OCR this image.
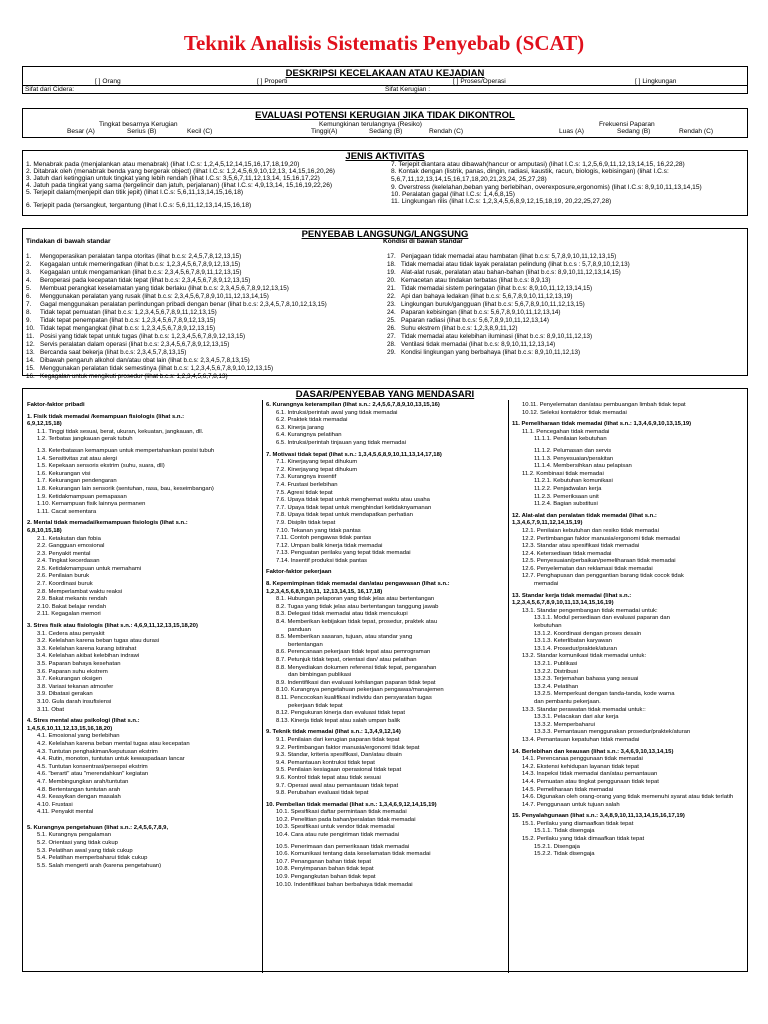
Teknik Analisis Sistematis Penyebab (SCAT)
DESKRIPSI KECELAKAAN ATAU KEJADIAN
[ ] Orang	[ ] Properti	[ ] Proses/Operasi	[ ] Lingkungan
Sifat dari Cidera:	Sifat Kerugian :
EVALUASI POTENSI KERUGIAN JIKA TIDAK DIKONTROL
Tingkat besarnya Kerugian
Besar (A)	Serius (B)	Kecil (C)
Kemungkinan terulangnya (Resiko)
Tinggi(A)	Sedang (B)	Rendah (C)
Frekuensi Paparan
Luas (A)	Sedang (B)	Rendah (C)
JENIS AKTIVITAS
1. Menabrak pada (menjalankan atau menabrak) (lihat I.C.s: 1,2,4,5,12,14,15,16,17,18,19,20)
2. Ditabrak oleh (menabrak benda yang bergerak object) (lihat I.C.s: 1,2,4,5,6,9,10,12,13, 14,15,16,20,26)
3. Jatuh dari ketinggian untuk tingkat yang lebih rendah (lihat I.C.s: 3,5,6,7,11,12,13,14, 15,16,17,22)
4. Jatuh pada tingkat yang sama (tergelincir dan jatuh, perjalanan) (lihat I.C.s: 4,9,13,14, 15,16,19,22,26)
5. Terjepit dalam(menjepit dan titik jepit) (lihat I.C.s: 5,6,11,13,14,15,16,18)
6. Terjepit pada (tersangkut, tergantung (lihat I.C.s: 5,6,11,12,13,14,15,16,18)
7. Terjepit diantara atau dibawah(hancur or amputasi) (lihat I.C.s: 1,2,5,6,9,11,12,13,14,15, 16,22,28)
8. Kontak dengan (listrik, panas, dingin, radiasi, kaustik, racun, biologis, kebisingan) (lihat I.C.s: 5,6,7,11,12,13,14,15,16,17,18,20,21,23,24, 25,27,28)
9. Overstress (kelelahan,beban yang berlebihan, overexposure,ergonomis) (lihat I.C.s: 8,9,10,11,13,14,15)
10. Peralatan gagal (lihat I.C.s: 1,4,6,8,15)
11. Lingkungan rilis (lihat I.C.s: 1,2,3,4,5,6,8,9,12,15,18,19, 20,22,25,27,28)
PENYEBAB LANGSUNG/LANGSUNG
Tindakan di bawah standar	Kondisi di bawah standar
1. Mengoperasikan peralatan tanpa otoritas (lihat b.c.s: 2,4,5,7,8,12,13,15)
2. Kegagalan untuk memeringatkan (lihat b.c.s: 1,2,3,4,5,6,7,8,9,12,13,15)
3. Kegagalan untuk mengamankan (lihat b.c.s: 2,3,4,5,6,7,8,9,11,12,13,15)
4. Beroperasi pada kecepatan tidak tepat (lihat b.c.s: 2,3,4,5,6,7,8,9,12,13,15)
5. Membuat perangkat keselamatan yang tidak berlaku (lihat b.c.s: 2,3,4,5,6,7,8,9,12,13,15)
6. Menggunakan peralatan yang rusak (lihat b.c.s: 2,3,4,5,6,7,8,9,10,11,12,13,14,15)
7. Gagal menggunakan peralatan perlindungan pribadi dengan benar (lihat b.c.s: 2,3,4,5,7,8,10,12,13,15)
8. Tidak tepat pemuatan (lihat b.c.s: 1,2,3,4,5,6,7,8,9,11,12,13,15)
9. Tidak tepat penempatan (lihat b.c.s: 1,2,3,4,5,6,7,8,9,12,13,15)
10. Tidak tepat mengangkat (lihat b.c.s: 1,2,3,4,5,6,7,8,9,12,13,15)
11. Posisi yang tidak tepat untuk tugas (lihat b.c.s: 1,2,3,4,5,6,7,8,9,12,13,15)
12. Servis peralatan dalam operasi (lihat b.c.s: 2,3,4,5,6,7,8,9,12,13,15)
13. Bercanda saat bekerja (lihat b.c.s: 2,3,4,5,7,8,13,15)
14. Dibawah pengaruh alkohol dan/atau obat lain (lihat b.c.s: 2,3,4,5,7,8,13,15)
15. Menggunakan peralatan tidak semestinya (lihat b.c.s: 1,2,3,4,5,6,7,8,9,10,12,13,15)
16. Kegagalan untuk mengikuti prosedur (lihat b.c.s: 1,2,3,4,5,6,7,8,13)
17. Penjagaan tidak memadai atau hambatan (lihat b.c.s: 5,7,8,9,10,11,12,13,15)
18. Tidak memadai atau tidak layak peralatan pelindung (lihat b.c.s : 5,7,8,9,10,12,13)
19. Alat-alat rusak, peralatan atau bahan-bahan (lihat b.c.s: 8,9,10,11,12,13,14,15)
20. Kemacetan atau tindakan terbatas (lihat b.c.s: 8,9,13)
21. Tidak memadai sistem peringatan (lihat b.c.s: 8,9,10,11,12,13,14,15)
22. Api dan bahaya ledakan (lihat b.c.s: 5,6,7,8,9,10,11,12,13,19)
23. Lingkungan buruk/gangguan (lihat b.c.s: 5,6,7,8,9,10,11,12,13,15)
24. Paparan kebisingan (lihat b.c.s: 5,6,7,8,9,10,11,12,13,14)
25. Paparan radiasi (lihat b.c.s: 5,6,7,8,9,10,11,12,13,14)
26. Suhu ekstrem (lihat b.c.s: 1,2,3,8,9,11,12)
27. Tidak memadai atau kelebihan iluminasi (lihat b.c.s: 8,9,10,11,12,13)
28. Ventilasi tidak memadai (lihat b.c.s: 8,9,10,11,12,13,14)
29. Kondisi lingkungan yang berbahaya (lihat b.c.s: 8,9,10,11,12,13)
DASAR/PENYEBAB YANG MENDASARI
Faktor-faktor pribadi
1. Fisik tidak memadai /kemampuan fisiologis (lihat s.n.:
6,9,12,15,18)
1.1. Tinggi tidak sesuai, berat, ukuran, kekuatan, jangkauan, dll.
1.2. Terbatas jangkauan gerak tubuh
1.3. Keterbatasan kemampuan untuk mempertahankan posisi tubuh
1.4. Sensitivitas zat atau alergi
1.5. Kepekaan sensoris ekstrim (suhu, suara, dll)
1.6. Kekurangan visi
1.7. Kekurangan pendengaran
1.8. Kekurangan lain sensorik (sentuhan, rasa, bau, keseimbangan)
1.9. Ketidakmampuan pemapasan
1.10. Kemampuan fisik lainnya permanen
1.11. Cacat sementara
2. Mental tidak memadai/kemampuan fisiologis (lihat s.n.:
6,8,10,15,18)
2.1. Ketakutan dan fobia
2.2. Gangguan emosional
2.3. Penyakit mental
2.4. Tingkat kecerdasan
2.5. Ketidakmampuan untuk memahami
2.6. Penilaian buruk
2.7. Koordinasi buruk
2.8. Memperlambat waktu reaksi
2.9. Bakat mekanis rendah
2.10. Bakat belajar rendah
2.11. Kegagalan memori
3. Stres fisik atau fisiologis (lihat s.n.: 4,6,9,11,12,13,15,18,20)
3.1. Cedera atau penyakit
3.2. Kelelahan karena beban tugas atau durasi
3.3. Kelelahan karena kurang istirahat
3.4. Kelelahan akibat kelebihan indrawi
3.5. Paparan bahaya kesehatan
3.6. Paparan suhu ekstrem
3.7. Kekurangan oksigen
3.8. Variasi tekanan atmosfer
3.9. Dibatasi gerakan
3.10. Gula darah insufisiensi
3.11. Obat
4. Stres mental atau psikologi (lihat s.n.:
1,4,5,6,10,11,12,13,15,16,18,20)
4.1. Emosional yang berlebihan
4.2. Kelelahan karena beban mental tugas atau kecepatan
4.3. Tuntutan penghakiman/keputusan ekstrim
4.4. Rutin, monoton, tuntutan untuk kewaspadaan lancar
4.5. Tuntutan konsentrasi/persepsi ekstrim
4.6. "berarti" atau "merendahkan" kegiatan
4.7. Membingungkan arah/tuntutan
4.8. Bertentangan tuntutan arah
4.9. Keasyikan dengan masalah
4.10. Frustasi
4.11. Penyakit mental
5. Kurangnya pengetahuan (lihat s.n.: 2,4,5,6,7,8,9,
5.1. Kurangnya pengalaman
5.2. Orientasi yang tidak cukup
5.3. Pelatihan awal yang tidak cukup
5.4. Pelatihan memperbaharui tidak cukup
5.5. Salah mengerti arah (karena pengetahuan)
6. Kurangnya keterampilan (lihat s.n.: 2,4,5,6,7,8,9,10,13,15,16)
6.1. Intruksi/perintah awal yang tidak memadai
6.2. Praktek tidak memadai
6.3. Kinerja jarang
6.4. Kurangnya pelatihan
6.5. Intruksi/perintah tinjauan yang tidak memadai
7. Motivasi tidak tepat (lihat s.n.: 1,3,4,5,6,8,9,10,11,13,14,17,18)
7.1. Kinerjayang tepat dihukum
7.2. Kinerjayang tepat dihukum
7.3. Kurangnya insentif
7.4. Frustasi berlebihan
7.5. Agresi tidak tepat
7.6. Upaya tidak tepat untuk menghemat waktu atau usaha
7.7. Upaya tidak tepat untuk menghindari ketidaknyamanan
7.8. Upaya tidak tepat untuk mendapatkan perhatian
7.9. Disiplin tidak tepat
7.10. Tekanan yang tidak pantas
7.11. Contoh pengawas tidak pantas
7.12. Umpan balik kinerja tidak memadai
7.13. Penguatan perilaku yang tepat tidak memadai
7.14. Insentif produksi tidak pantas
Faktor-faktor pekerjaan
8. Kepemimpinan tidak memadai dan/atau pengawasan (lihat s.n.:
1,2,3,4,5,6,8,9,10,11, 12,13,14,15, 16,17,18)
8.1. Hubungan pelaporan yang tidak jelas atau bertentangan
8.2. Tugas yang tidak jelas atau bertentangan tanggung jawab
8.3. Delegasi tidak memadai atau tidak mencukupi
8.4. Memberikan kebijakan tidak tepat, prosedur, praktek atau
panduan
8.5. Memberikan sasaran, tujuan, atau standar yang
bertentangan
8.6. Perencanaan pekerjaan tidak tepat atau pemrograman
8.7. Petunjuk tidak tepat, orientasi dan/ atau pelatihan
8.8. Menyediakan dokumen referensi tidak tepat, pengarahan
dan bimbingan publikasi
8.9. Indentifikasi dan evaluasi kehilangan paparan tidak tepat
8.10. Kurangnya pengetahuan pekerjaan pengawas/manajemen
8.11. Pencocokan kualifikasi individu dan persyaratan tugas
pekerjaan tidak tepat
8.12. Pengukuran kinerja dan evaluasi tidak tepat
8.13. Kinerja tidak tepat atau salah umpan balik
9. Teknik tidak memadai (lihat s.n.: 1,3,4,9,12,14)
9.1. Penilaian dari kerugian paparan tidak tepat
9.2. Pertimbangan faktor manusia/ergonomi tidak tepat
9.3. Standar, kriteria spesifikasi, Dan/atau disain
9.4. Pemantauan kontruksi tidak tepat
9.5. Penilaian kesiagaan operasional tidak tepat
9.6. Kontrol tidak tepat atau tidak sesuai
9.7. Operasi awal atau pemantauan tidak tepat
9.8. Perubahan evaluasi tidak tepat
10. Pembelian tidak memadai (lihat s.n.: 1,3,4,6,9,12,14,15,19)
10.1. Spesifikasi daftar permintaan tidak memadai
10.2. Penelitian pada bahan/peralatan tidak memadai
10.3. Spesifikasi untuk vendor tidak memadai
10.4. Cara atau rute pengiriman tidak memadai
10.5. Penerimaan dan pemeriksaan tidak memadai
10.6. Komunikasi tentang data keselamatan tidak memadai
10.7. Penanganan bahan tidak tepat
10.8. Penyimpanan bahan tidak tepat
10.9. Pengangkutan bahan tidak tepat
10.10. Indentifikasi bahan berbahaya tidak memadai
10.11. Penyelematan dan/atau pembuangan limbah tidak tepat
10.12. Seleksi kontaktror tidak memadai
11. Pemeliharaan tidak memadai (lihat s.n.: 1,3,4,6,9,10,13,15,19)
11.1. Pencegahan tidak memadai
11.1.1. Penilaian kebutuhan
11.1.2. Pelumasan dan servis
11.1.3. Penyesuaian/perakitan
11.1.4. Membersihkan atau pelapisan
11.2. Kombinasi tidak memadai
11.2.1. Kebutuhan komunikasi
11.2.2. Penjadwalan kerja
11.2.3. Pemeriksaan unit
11.2.4. Bagian substitusi
12. Alat-alat dan peralatan tidak memadai (lihat s.n.:
1,3,4,6,7,9,11,12,14,15,19)
12.1. Penilaian kebutuhan dan resiko tidak memadai
12.2. Pertimbangan faktor manusia/ergonomi tidak memadai
12.3. Standar atau spesifikasi tidak memadai
12.4. Ketersediaan tidak memadai
12.5. Penyesuaian/perbaikan/pemeliharaan tidak memadai
12.6. Penyelematan dan reklamasi tidak memadai
12.7. Penghapusan dan penggantian barang tidak cocok tidak
memadai
13. Standar kerja tidak memadai (lihat s.n.:
1,2,3,4,5,6,7,8,9,10,11,13,14,15,16,19)
13.1. Standar pengembangan tidak memadai untuk:
13.1.1. Modul persediaan dan evaluasi paparan dan
kebutuhan
13.1.2. Koordinasi dengan proses desain
13.1.3. Keterlibatan karyawan
13.1.4. Prosedur/praktek/aturan
13.2. Standar komunikasi tidak memadai untuk:
13.2.1. Publikasi
13.2.2. Distribusi
13.2.3. Terjemahan bahasa yang sesuai
13.2.4. Pelatihan
13.2.5. Memperkuat dengan tanda-tanda, kode warna
dan pembantu pekerjaan.
13.3. Standar perawatan tidak memadai untuk::
13.3.1. Pelacakan dari alur kerja
13.3.2. Memperbaharui
13.3.3. Pemantauan menggunakan prosedur/praktek/aturan
13.4. Pemantauan kepatuhan tidak memadai
14. Berlebihan dan keausan (lihat s.n.: 3,4,6,9,10,13,14,15)
14.1. Perencanaa penggunaan tidak memadai
14.2. Ekstensi kehidupan layanan tidak tepat
14.3. Inspeksi tidak memadai dan/atau pemantauan
14.4. Pemuatan atau tingkat penggunaan tidak tepat
14.5. Pemeliharaan tidak memadai
14.6. Digunakan oleh orang-orang yang tidak memenuhi syarat atau tidak terlatih
14.7. Penggunaan untuk tujuan salah
15. Penyalahgunaan (lihat s.n.: 3,4,8,9,10,11,13,14,15,16,17,19)
15.1. Perilaku yang diamaafkan tidak tepat
15.1.1. Tidak disengaja
15.2. Perilaku yang tidak dimaafkan tidak tepat
15.2.1. Disengaja
15.2.2. Tidak disengaja
